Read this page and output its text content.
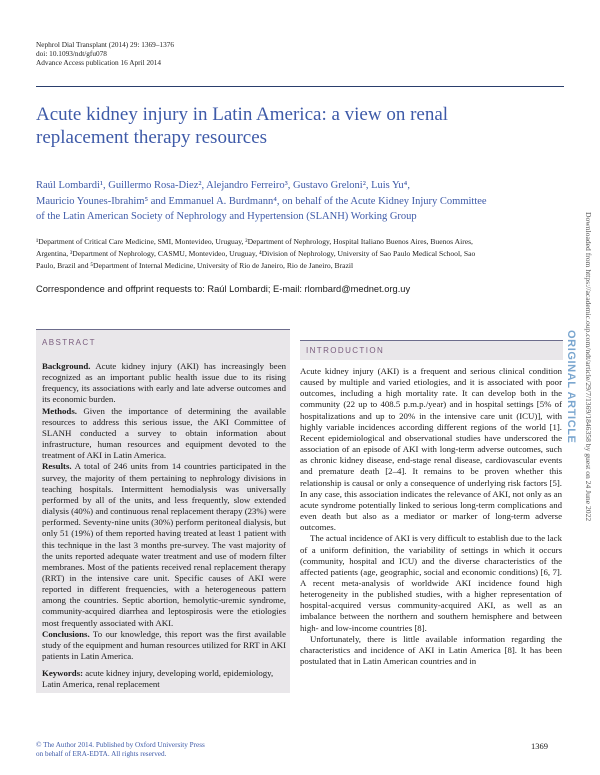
Nephrol Dial Transplant (2014) 29: 1369–1376
doi: 10.1093/ndt/gfu078
Advance Access publication 16 April 2014
Acute kidney injury in Latin America: a view on renal replacement therapy resources
Raúl Lombardi¹, Guillermo Rosa-Diez², Alejandro Ferreiro³, Gustavo Greloni², Luis Yu⁴,
Mauricio Younes-Ibrahim⁵ and Emmanuel A. Burdmann⁴, on behalf of the Acute Kidney Injury Committee
of the Latin American Society of Nephrology and Hypertension (SLANH) Working Group
¹Department of Critical Care Medicine, SMI, Montevideo, Uruguay, ²Department of Nephrology, Hospital Italiano Buenos Aires, Buenos Aires,
Argentina, ³Department of Nephrology, CASMU, Montevideo, Uruguay, ⁴Division of Nephrology, University of Sao Paulo Medical School, Sao
Paulo, Brazil and ⁵Department of Internal Medicine, University of Rio de Janeiro, Rio de Janeiro, Brazil
Correspondence and offprint requests to: Raúl Lombardi; E-mail: rlombard@mednet.org.uy
ABSTRACT

Background. Acute kidney injury (AKI) has increasingly been recognized as an important public health issue due to its rising frequency, its associations with early and late adverse outcomes and its economic burden.

Methods. Given the importance of determining the available resources to address this serious issue, the AKI Committee of SLANH conducted a survey to obtain information about infrastructure, human resources and equipment devoted to the treatment of AKI in Latin America.

Results. A total of 246 units from 14 countries participated in the survey, the majority of them pertaining to nephrology divisions in teaching hospitals. Intermittent hemodialysis was universally performed by all of the units, and less frequently, slow extended dialysis (40%) and continuous renal replacement therapy (23%) were performed. Seventy-nine units (30%) perform peritoneal dialysis, but only 51 (19%) of them reported having treated at least 1 patient with this technique in the last 3 months pre-survey. The vast majority of the units reported adequate water treatment and use of modern filter membranes. Most of the patients received renal replacement therapy (RRT) in the intensive care unit. Specific causes of AKI were reported in different frequencies, with a heterogeneous pattern among the countries. Septic abortion, hemolytic-uremic syndrome, community-acquired diarrhea and leptospirosis were the etiologies most frequently associated with AKI.

Conclusions. To our knowledge, this report was the first available study of the equipment and human resources utilized for RRT in AKI patients in Latin America.

Keywords: acute kidney injury, developing world, epidemiology, Latin America, renal replacement
INTRODUCTION

Acute kidney injury (AKI) is a frequent and serious clinical condition caused by multiple and varied etiologies, and it is associated with poor outcomes, including a high mortality rate. It can develop both in the community (22 up to 408.5 p.m.p./year) and in hospital settings [5% of hospitalizations and up to 20% in the intensive care unit (ICU)], with highly variable incidences according different regions of the world [1]. Recent epidemiological and observational studies have underscored the association of an episode of AKI with long-term adverse outcomes, such as chronic kidney disease, end-stage renal disease, cardiovascular events and premature death [2–4]. It remains to be proven whether this relationship is causal or only a consequence of underlying risk factors [5]. In any case, this association indicates the relevance of AKI, not only as an acute syndrome potentially linked to serious long-term complications and even death but also as a mediator or marker of long-term adverse outcomes.

The actual incidence of AKI is very difficult to establish due to the lack of a uniform definition, the variability of settings in which it occurs (community, hospital and ICU) and the diverse characteristics of the affected patients (age, geographic, social and economic conditions) [6, 7]. A recent meta-analysis of worldwide AKI incidence found high heterogeneity in the published studies, with a higher representation of hospital-acquired versus community-acquired AKI, as well as an imbalance between the northern and southern hemisphere and between high- and low-income countries [8].

Unfortunately, there is little available information regarding the characteristics and incidence of AKI in Latin America [8]. It has been postulated that in Latin American countries and in

© The Author 2014. Published by Oxford University Press
on behalf of ERA-EDTA. All rights reserved.
1369
Downloaded from https://academic.oup.com/ndt/article/29/7/1369/1846358 by guest on 24 June 2022
ORIGINAL ARTICLE
